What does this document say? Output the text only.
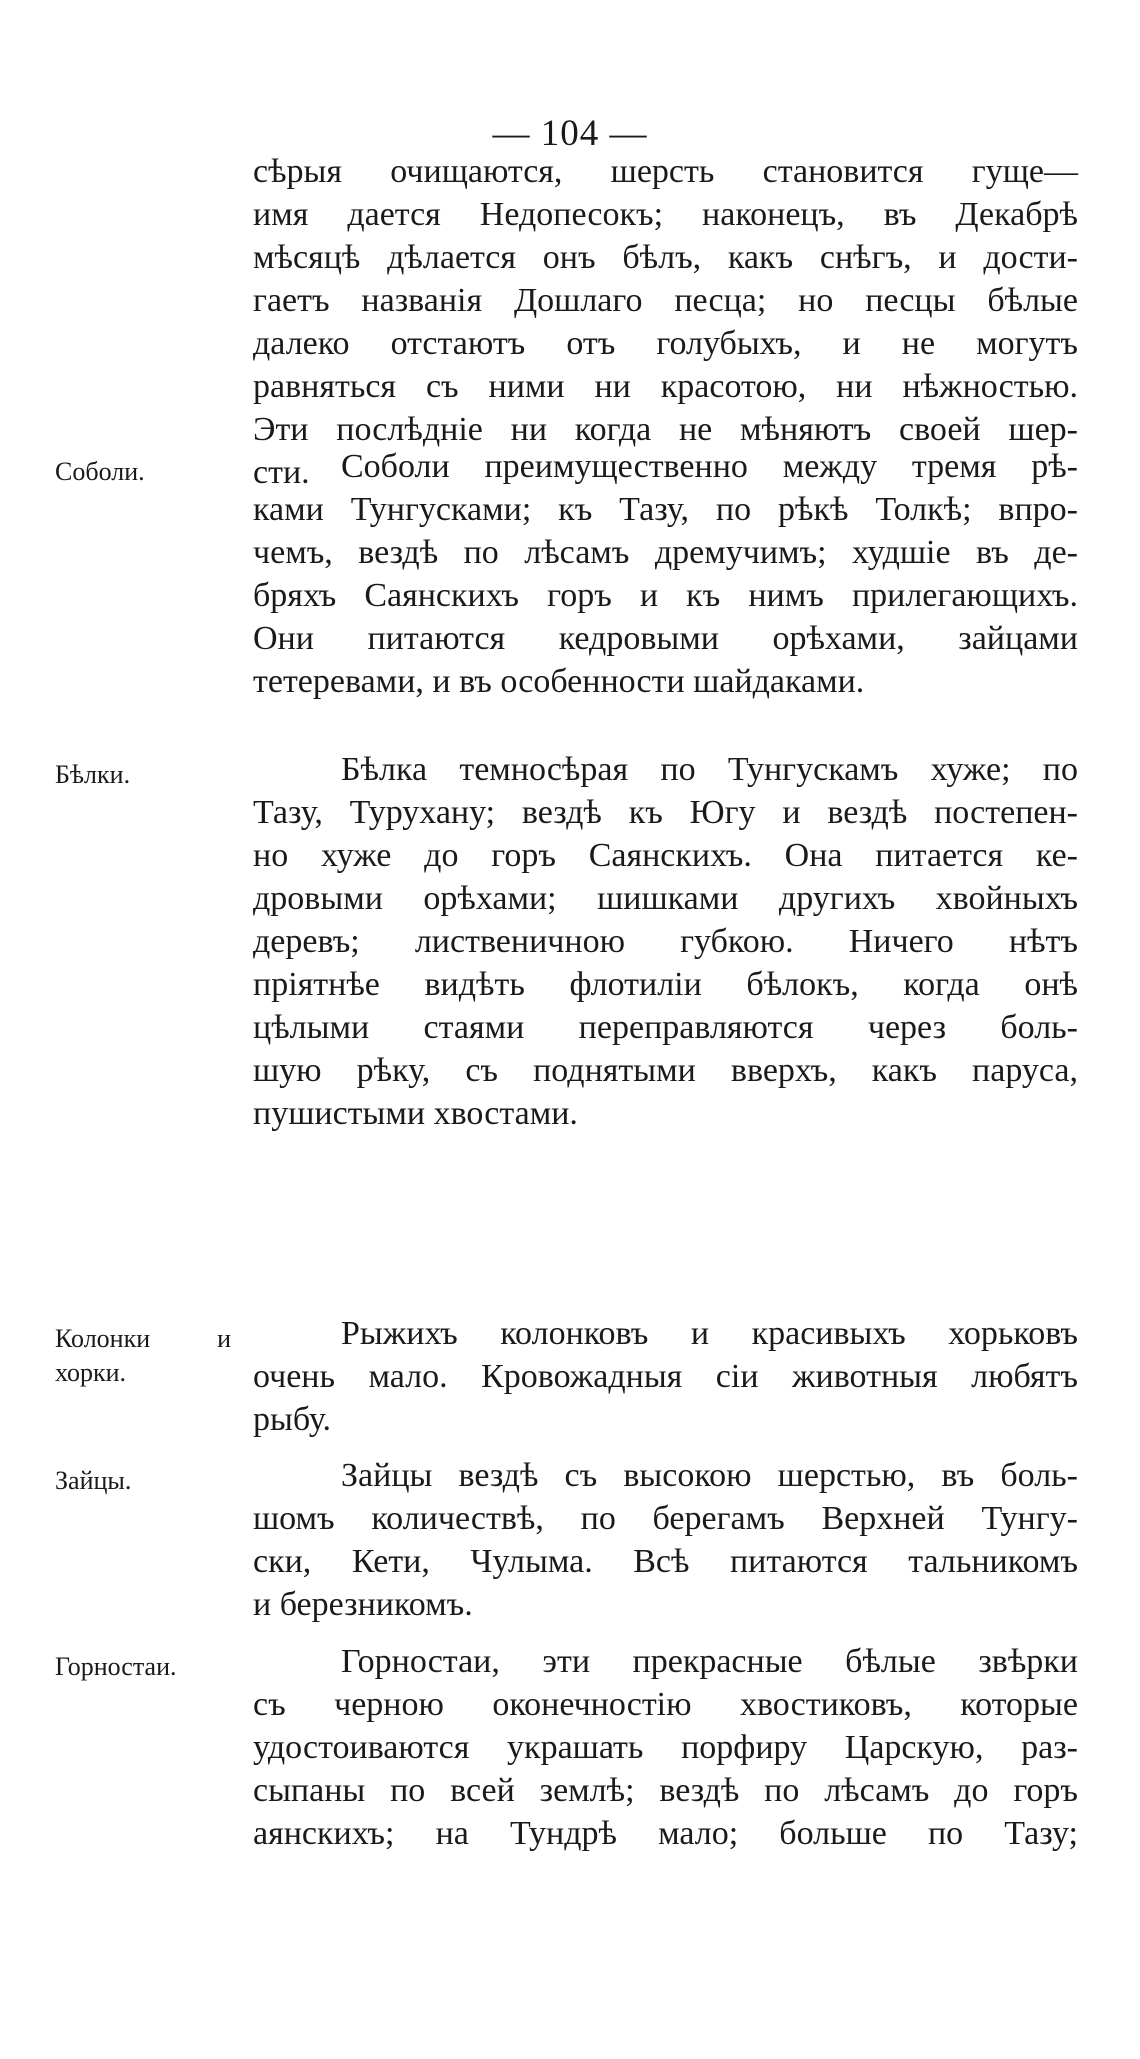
— 104 —
сѣрыя очищаются, шерсть становится гуще—
имя дается Недопесокъ; наконецъ, въ Декабрѣ
мѣсяцѣ дѣлается онъ бѣлъ, какъ снѣгъ, и дости-
гаетъ названія Дошлаго песца; но песцы бѣлые
далеко отстаютъ отъ голубыхъ, и не могутъ
равняться съ ними ни красотою, ни нѣжностью.
Эти послѣдніе ни когда не мѣняютъ своей шер-
сти.
Соболи.	Соболи преимущественно между тремя рѣ-
ками Тунгусками; къ Тазу, по рѣкѣ Толкѣ; впро-
чемъ, вездѣ по лѣсамъ дремучимъ; худшіе въ де-
бряхъ Саянскихъ горъ и къ нимъ прилегающихъ.
Они питаются кедровыми орѣхами, зайцами
тетеревами, и въ особенности шайдаками.
Бѣлки.	Бѣлка темносѣрая по Тунгускамъ хуже; по
Тазу, Турухану; вездѣ къ Югу и вездѣ постепен-
но хуже до горъ Саянскихъ. Она питается ке-
дровыми орѣхами; шишками другихъ хвойныхъ
деревъ; лиственичною губкою. Ничего нѣтъ
пріятнѣе видѣть флотиліи бѣлокъ, когда онѣ
цѣлыми стаями переправляются через боль-
шую рѣку, съ поднятыми вверхъ, какъ паруса,
пушистыми хвостами.
Колонки и
хорки.
Рыжихъ колонковъ и красивыхъ хорьковъ
очень мало. Кровожадныя сіи животныя любятъ
рыбу.
Зайцы.	Зайцы вездѣ съ высокою шерстью, въ боль-
шомъ количествѣ, по берегамъ Верхней Тунгу-
ски, Кети, Чулыма. Всѣ питаются тальникомъ
и березникомъ.
Горностаи.	Горностаи, эти прекрасные бѣлые звѣрки
съ черною оконечностію хвостиковъ, которые
удостоиваются украшать порфиру Царскую, раз-
сыпаны по всей землѣ; вездѣ по лѣсамъ до горъ
аянскихъ; на Тундрѣ мало; больше по Тазу;
